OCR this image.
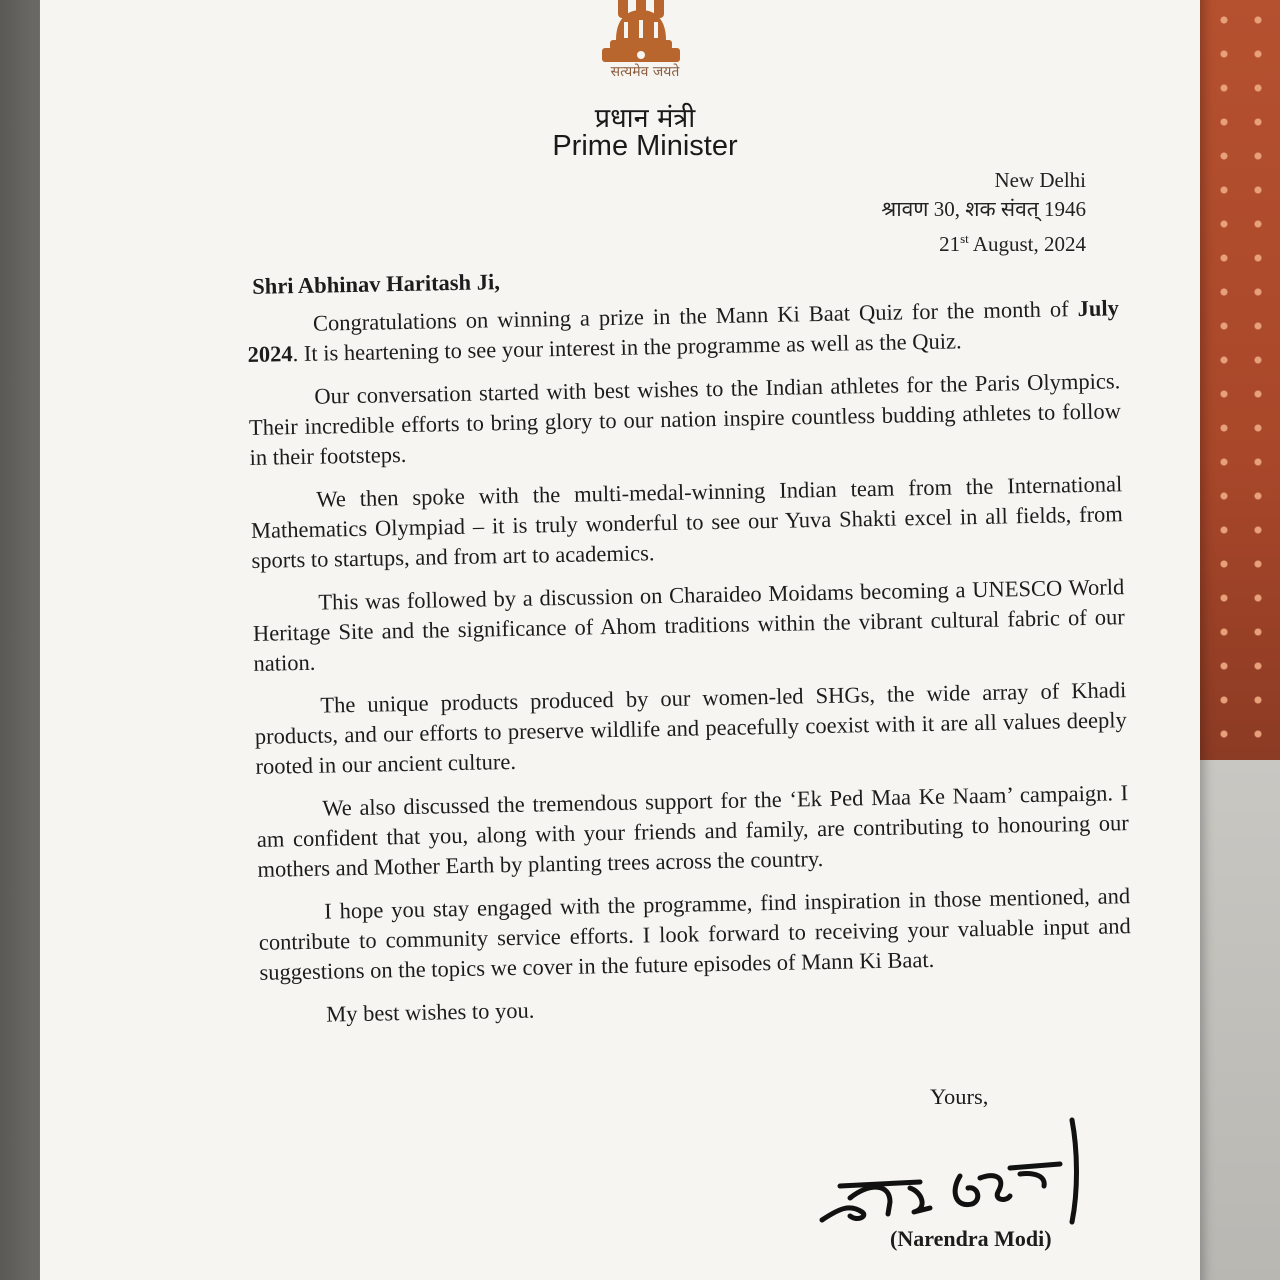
सत्यमेव जयते
प्रधान मंत्री
Prime Minister
New Delhi
श्रावण 30, शक संवत् 1946
21st August, 2024
Shri Abhinav Haritash Ji,
Congratulations on winning a prize in the Mann Ki Baat Quiz for the month of July 2024. It is heartening to see your interest in the programme as well as the Quiz.
Our conversation started with best wishes to the Indian athletes for the Paris Olympics. Their incredible efforts to bring glory to our nation inspire countless budding athletes to follow in their footsteps.
We then spoke with the multi-medal-winning Indian team from the International Mathematics Olympiad – it is truly wonderful to see our Yuva Shakti excel in all fields, from sports to startups, and from art to academics.
This was followed by a discussion on Charaideo Moidams becoming a UNESCO World Heritage Site and the significance of Ahom traditions within the vibrant cultural fabric of our nation.
The unique products produced by our women-led SHGs, the wide array of Khadi products, and our efforts to preserve wildlife and peacefully coexist with it are all values deeply rooted in our ancient culture.
We also discussed the tremendous support for the ‘Ek Ped Maa Ke Naam’ campaign. I am confident that you, along with your friends and family, are contributing to honouring our mothers and Mother Earth by planting trees across the country.
I hope you stay engaged with the programme, find inspiration in those mentioned, and contribute to community service efforts. I look forward to receiving your valuable input and suggestions on the topics we cover in the future episodes of Mann Ki Baat.
My best wishes to you.
Yours,
(Narendra Modi)
